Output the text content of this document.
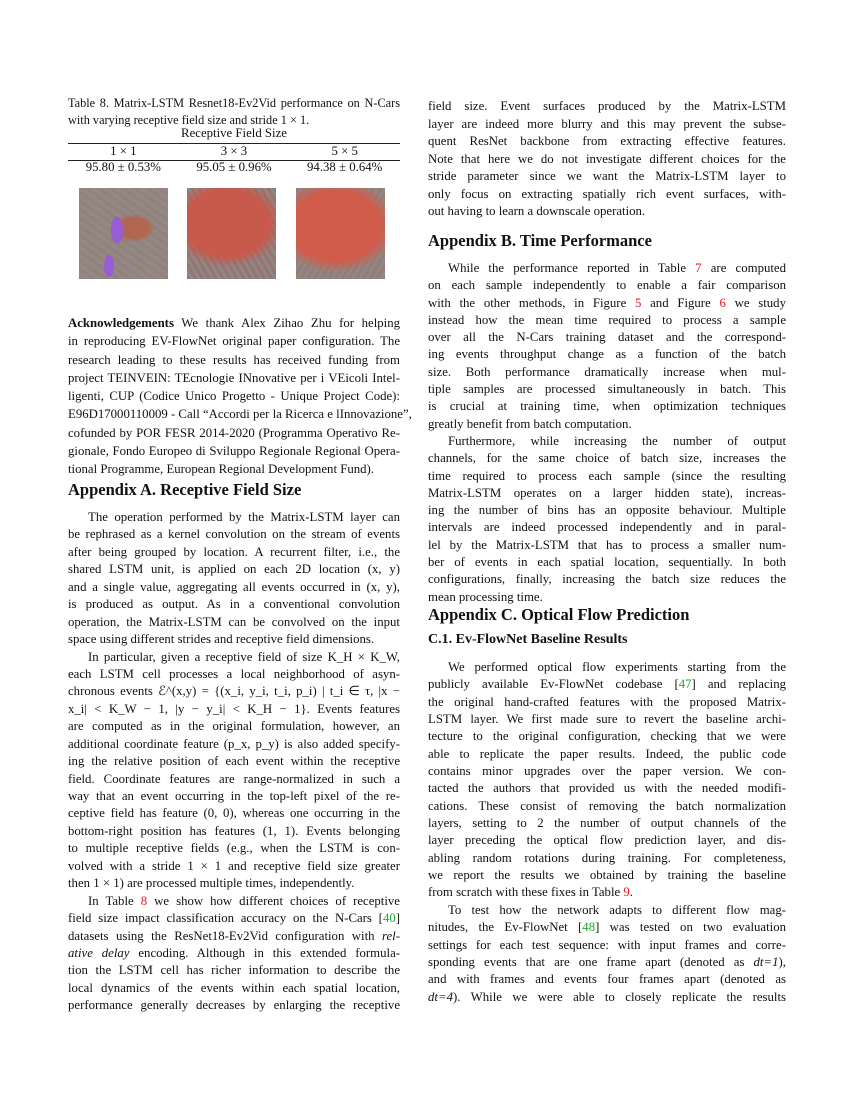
Table 8. Matrix-LSTM Resnet18-Ev2Vid performance on N-Cars
with varying receptive field size and stride 1 × 1.
Receptive Field Size
1 × 1	3 × 3	5 × 5
95.80 ± 0.53%	95.05 ± 0.96%	94.38 ± 0.64%
Acknowledgements We thank Alex Zihao Zhu for helping
in reproducing EV-FlowNet original paper configuration. The
research leading to these results has received funding from
project TEINVEIN: TEcnologie INnovative per i VEicoli Intel-
ligenti, CUP (Codice Unico Progetto - Unique Project Code):
E96D17000110009 - Call “Accordi per la Ricerca e lInnovazione”,
cofunded by POR FESR 2014-2020 (Programma Operativo Re-
gionale, Fondo Europeo di Sviluppo Regionale Regional Opera-
tional Programme, European Regional Development Fund).
Appendix A. Receptive Field Size
The operation performed by the Matrix-LSTM layer can
be rephrased as a kernel convolution on the stream of events
after being grouped by location. A recurrent filter, i.e., the
shared LSTM unit, is applied on each 2D location (x, y)
and a single value, aggregating all events occurred in (x, y),
is produced as output. As in a conventional convolution
operation, the Matrix-LSTM can be convolved on the input
space using different strides and receptive field dimensions.
In particular, given a receptive field of size K_H × K_W,
each LSTM cell processes a local neighborhood of asyn-
chronous events ℰ^(x,y) = {(x_i, y_i, t_i, p_i) | t_i ∈ τ, |x −
x_i| < K_W − 1, |y − y_i| < K_H − 1}. Events features
are computed as in the original formulation, however, an
additional coordinate feature (p_x, p_y) is also added specify-
ing the relative position of each event within the receptive
field. Coordinate features are range-normalized in such a
way that an event occurring in the top-left pixel of the re-
ceptive field has feature (0, 0), whereas one occurring in the
bottom-right position has features (1, 1). Events belonging
to multiple receptive fields (e.g., when the LSTM is con-
volved with a stride 1 × 1 and receptive field size greater
then 1 × 1) are processed multiple times, independently.
In Table 8 we show how different choices of receptive
field size impact classification accuracy on the N-Cars [40]
datasets using the ResNet18-Ev2Vid configuration with rel-
ative delay encoding. Although in this extended formula-
tion the LSTM cell has richer information to describe the
local dynamics of the events within each spatial location,
performance generally decreases by enlarging the receptive
field size. Event surfaces produced by the Matrix-LSTM
layer are indeed more blurry and this may prevent the subse-
quent ResNet backbone from extracting effective features.
Note that here we do not investigate different choices for the
stride parameter since we want the Matrix-LSTM layer to
only focus on extracting spatially rich event surfaces, with-
out having to learn a downscale operation.
Appendix B. Time Performance
While the performance reported in Table 7 are computed
on each sample independently to enable a fair comparison
with the other methods, in Figure 5 and Figure 6 we study
instead how the mean time required to process a sample
over all the N-Cars training dataset and the correspond-
ing events throughput change as a function of the batch
size. Both performance dramatically increase when mul-
tiple samples are processed simultaneously in batch. This
is crucial at training time, when optimization techniques
greatly benefit from batch computation.
Furthermore, while increasing the number of output
channels, for the same choice of batch size, increases the
time required to process each sample (since the resulting
Matrix-LSTM operates on a larger hidden state), increas-
ing the number of bins has an opposite behaviour. Multiple
intervals are indeed processed independently and in paral-
lel by the Matrix-LSTM that has to process a smaller num-
ber of events in each spatial location, sequentially. In both
configurations, finally, increasing the batch size reduces the
mean processing time.
Appendix C. Optical Flow Prediction
C.1. Ev-FlowNet Baseline Results
We performed optical flow experiments starting from the
publicly available Ev-FlowNet codebase [47] and replacing
the original hand-crafted features with the proposed Matrix-
LSTM layer. We first made sure to revert the baseline archi-
tecture to the original configuration, checking that we were
able to replicate the paper results. Indeed, the public code
contains minor upgrades over the paper version. We con-
tacted the authors that provided us with the needed modifi-
cations. These consist of removing the batch normalization
layers, setting to 2 the number of output channels of the
layer preceding the optical flow prediction layer, and dis-
abling random rotations during training. For completeness,
we report the results we obtained by training the baseline
from scratch with these fixes in Table 9.
To test how the network adapts to different flow mag-
nitudes, the Ev-FlowNet [48] was tested on two evaluation
settings for each test sequence: with input frames and corre-
sponding events that are one frame apart (denoted as dt=1),
and with frames and events four frames apart (denoted as
dt=4). While we were able to closely replicate the results
